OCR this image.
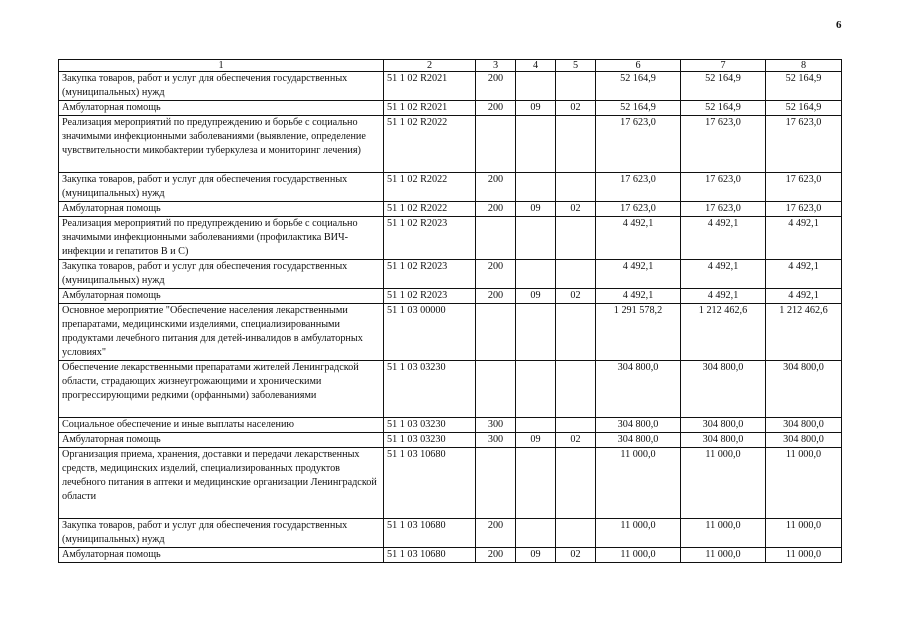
6
1	2	3	4	5	6	7	8
Закупка товаров, работ и услуг для обеспечения государственных (муниципальных) нужд	51 1 02 R2021	200			52 164,9	52 164,9	52 164,9
Амбулаторная помощь	51 1 02 R2021	200	09	02	52 164,9	52 164,9	52 164,9
Реализация мероприятий по предупреждению и борьбе с социально значимыми инфекционными заболеваниями (выявление, определение чувствительности микобактерии туберкулеза и мониторинг лечения)	51 1 02 R2022				17 623,0	17 623,0	17 623,0
Закупка товаров, работ и услуг для обеспечения государственных (муниципальных) нужд	51 1 02 R2022	200			17 623,0	17 623,0	17 623,0
Амбулаторная помощь	51 1 02 R2022	200	09	02	17 623,0	17 623,0	17 623,0
Реализация мероприятий по предупреждению и борьбе с социально значимыми инфекционными заболеваниями (профилактика ВИЧ-инфекции и гепатитов В и С)	51 1 02 R2023				4 492,1	4 492,1	4 492,1
Закупка товаров, работ и услуг для обеспечения государственных (муниципальных) нужд	51 1 02 R2023	200			4 492,1	4 492,1	4 492,1
Амбулаторная помощь	51 1 02 R2023	200	09	02	4 492,1	4 492,1	4 492,1
Основное мероприятие "Обеспечение населения лекарственными препаратами, медицинскими изделиями, специализированными продуктами лечебного питания для детей-инвалидов в амбулаторных условиях"	51 1 03 00000				1 291 578,2	1 212 462,6	1 212 462,6
Обеспечение лекарственными препаратами жителей Ленинградской области, страдающих жизнеугрожающими и хроническими прогрессирующими редкими (орфанными) заболеваниями	51 1 03 03230				304 800,0	304 800,0	304 800,0
Социальное обеспечение и иные выплаты населению	51 1 03 03230	300			304 800,0	304 800,0	304 800,0
Амбулаторная помощь	51 1 03 03230	300	09	02	304 800,0	304 800,0	304 800,0
Организация приема, хранения, доставки и передачи лекарственных средств, медицинских изделий, специализированных продуктов лечебного питания в аптеки и медицинские организации Ленинградской области	51 1 03 10680				11 000,0	11 000,0	11 000,0
Закупка товаров, работ и услуг для обеспечения государственных (муниципальных) нужд	51 1 03 10680	200			11 000,0	11 000,0	11 000,0
Амбулаторная помощь	51 1 03 10680	200	09	02	11 000,0	11 000,0	11 000,0
